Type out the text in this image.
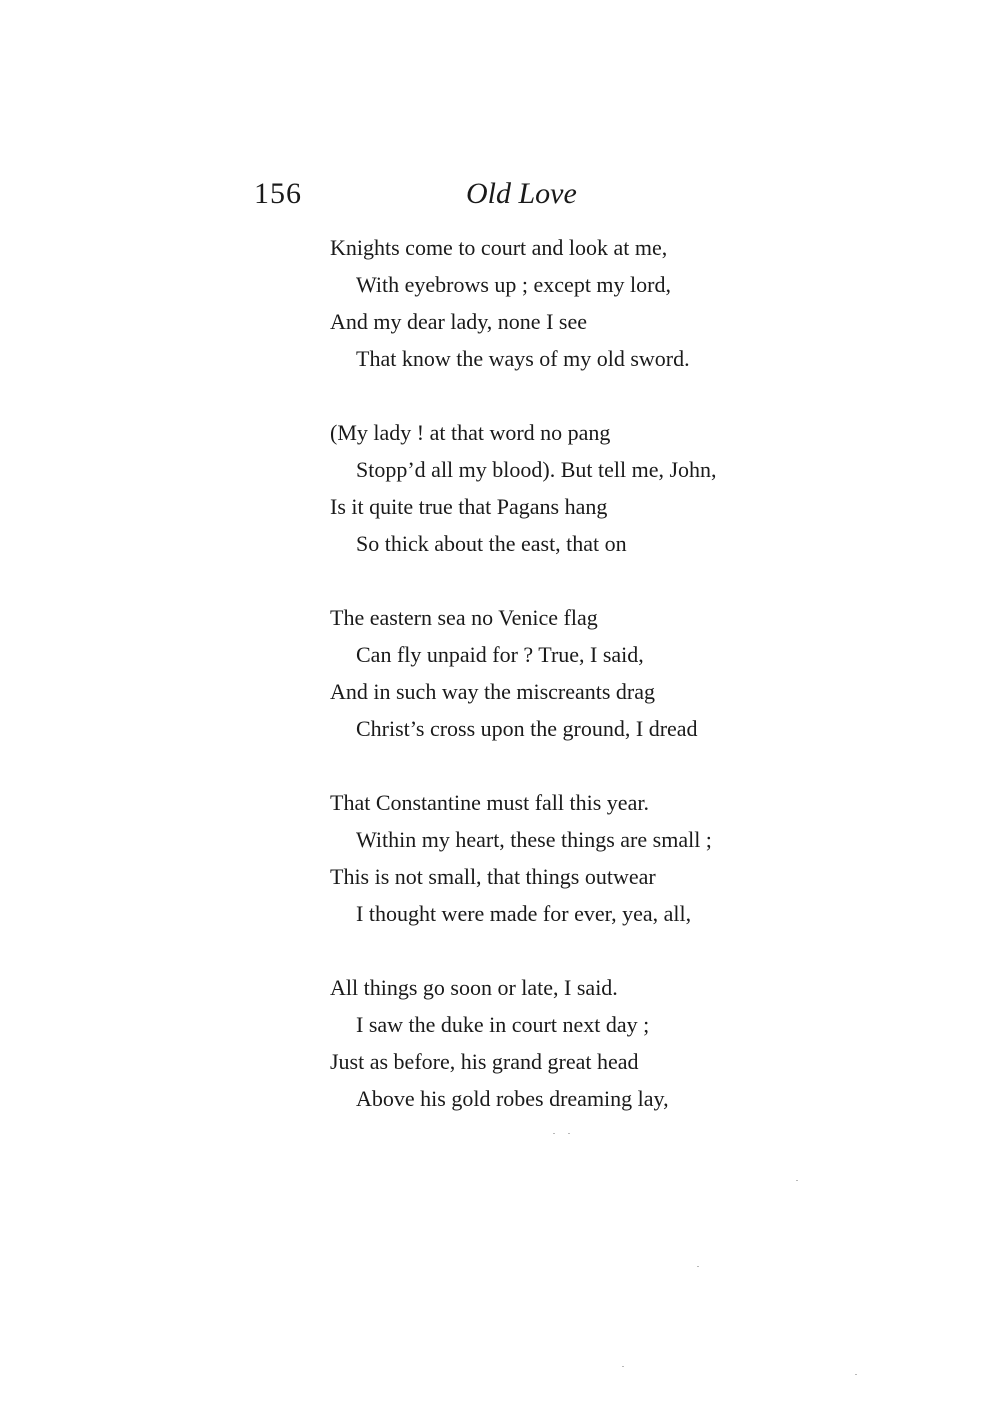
156	Old Love
Knights come to court and look at me,
With eyebrows up ; except my lord,
And my dear lady, none I see
That know the ways of my old sword.
(My lady ! at that word no pang
Stopp’d all my blood). But tell me, John,
Is it quite true that Pagans hang
So thick about the east, that on
The eastern sea no Venice flag
Can fly unpaid for ? True, I said,
And in such way the miscreants drag
Christ’s cross upon the ground, I dread
That Constantine must fall this year.
Within my heart, these things are small ;
This is not small, that things outwear
I thought were made for ever, yea, all,
All things go soon or late, I said.
I saw the duke in court next day ;
Just as before, his grand great head
Above his gold robes dreaming lay,
